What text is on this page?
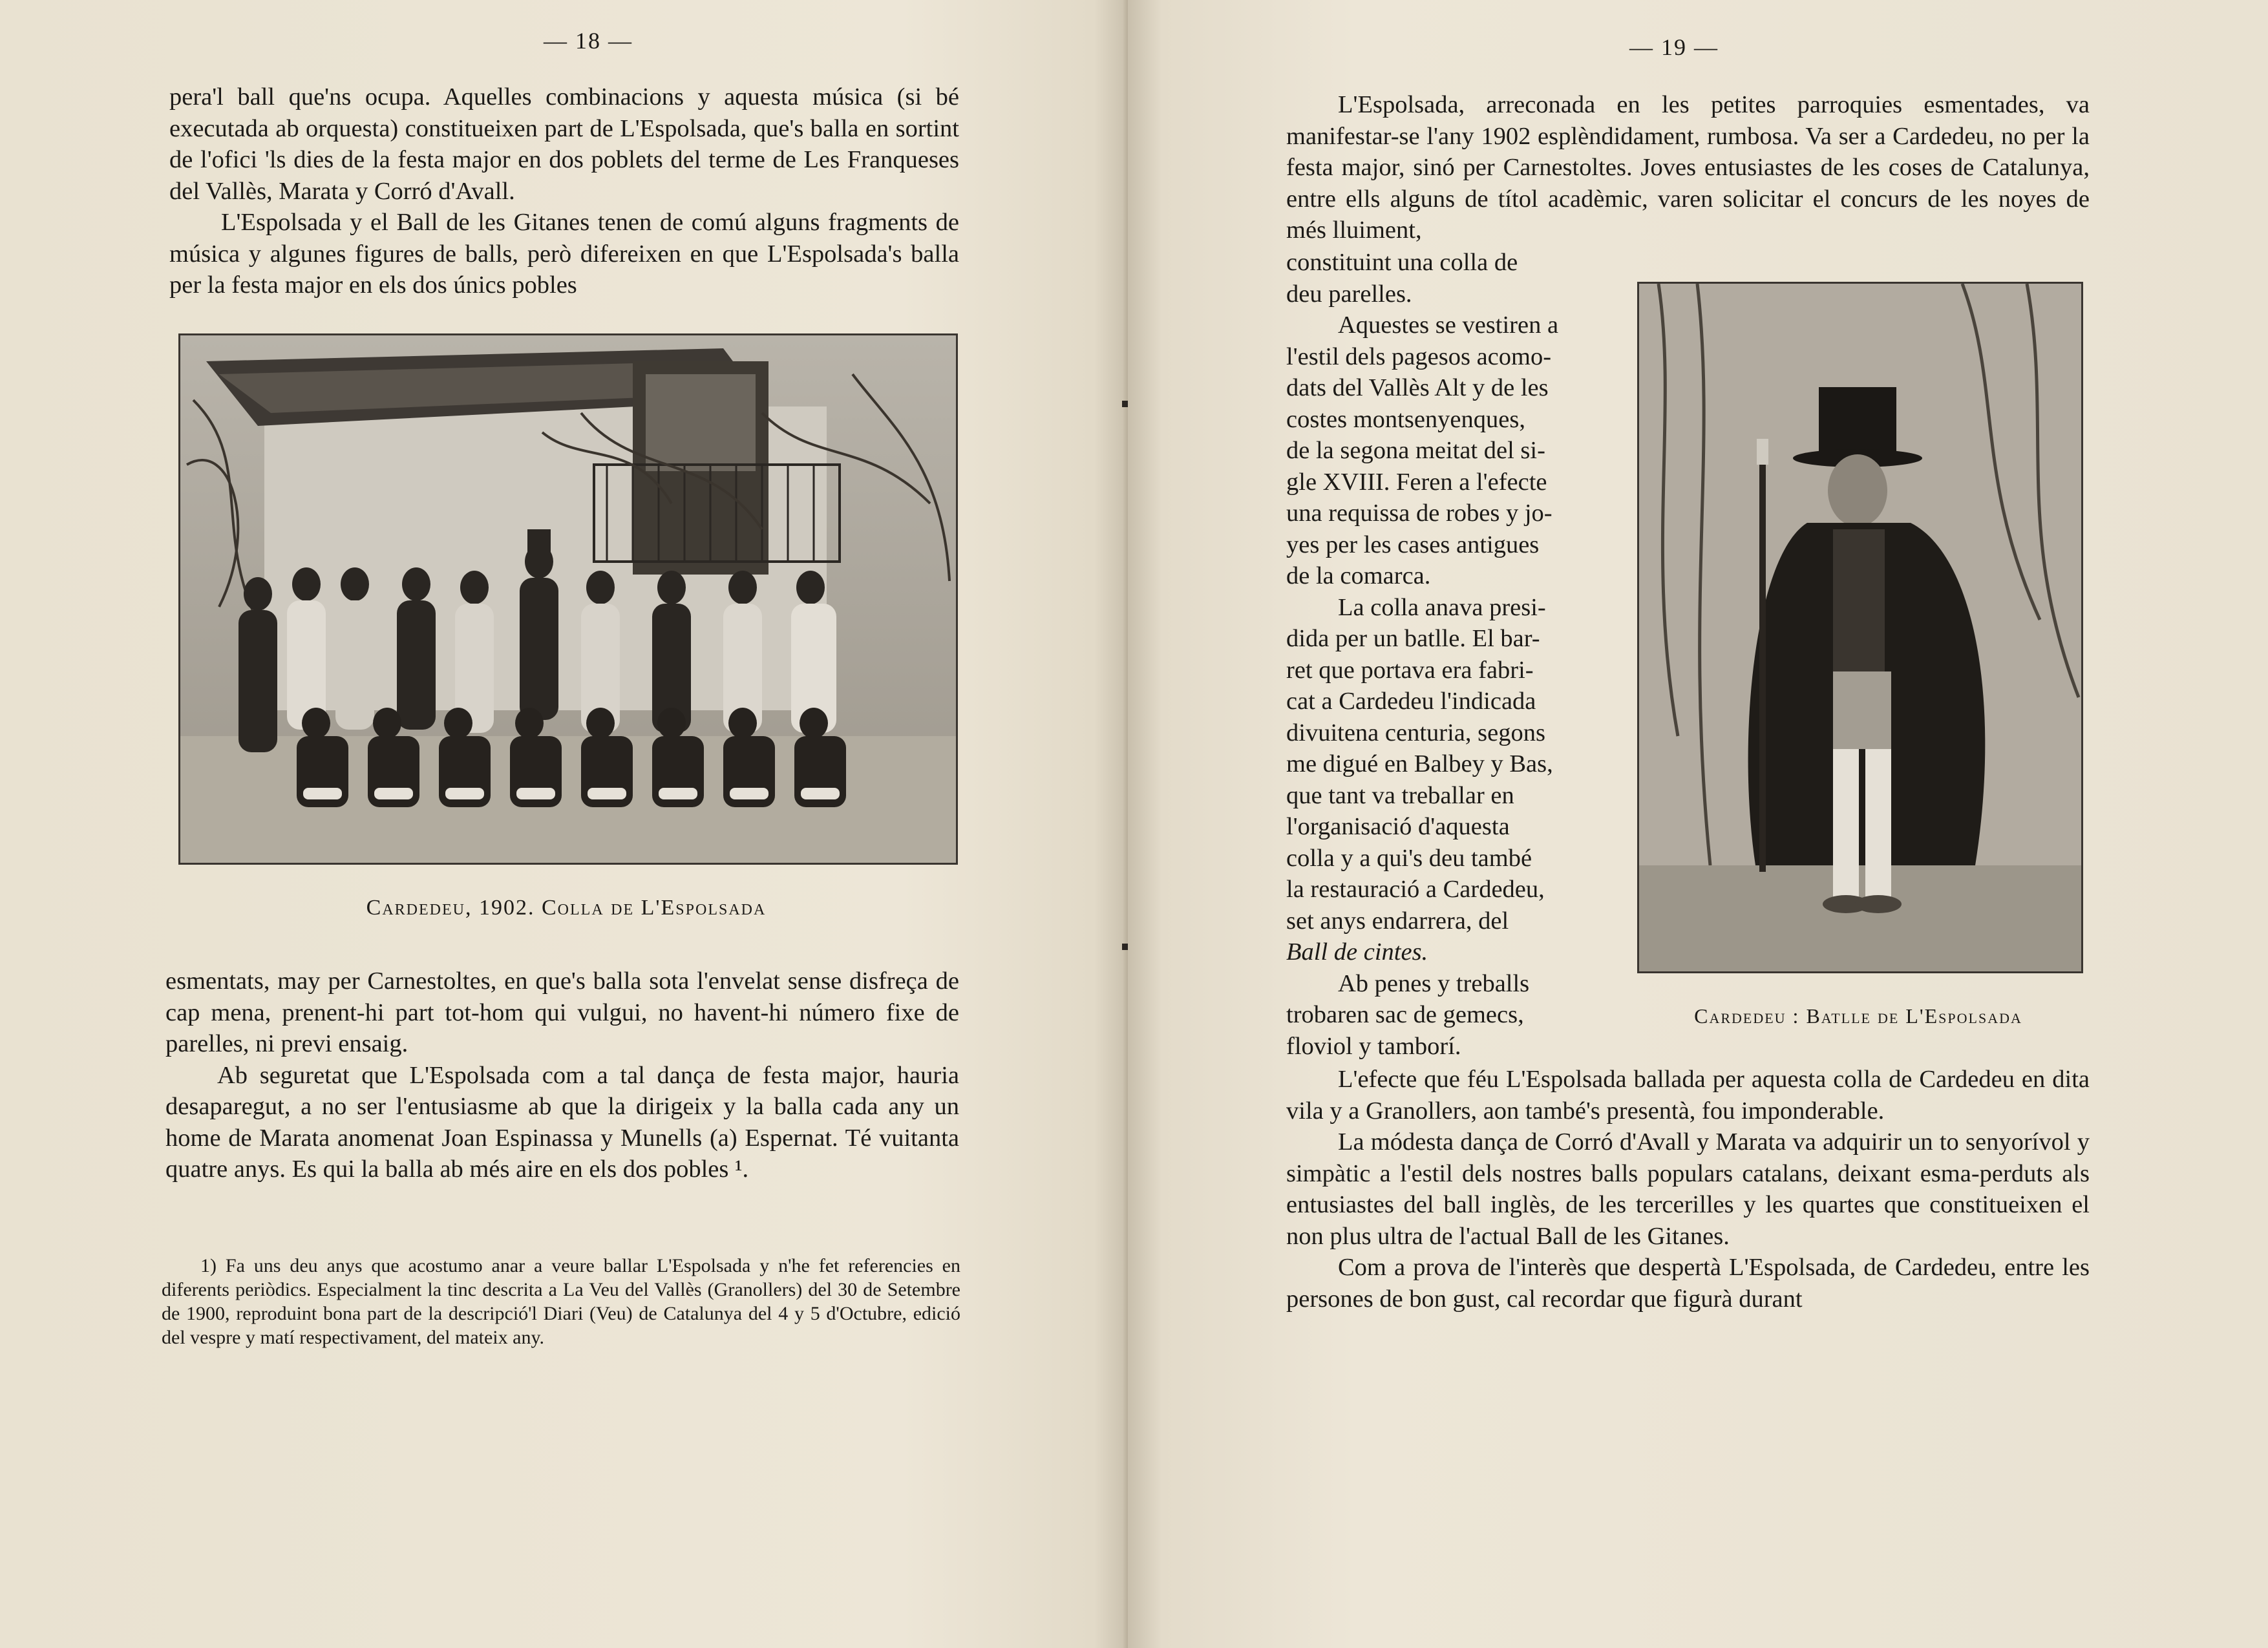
— 18 —

pera'l ball que'ns ocupa. Aquelles combinacions y aquesta música (si bé executada ab orquesta) constitueixen part de L'Espolsada, que's balla en sortint de l'ofici 'ls dies de la festa major en dos poblets del terme de Les Franqueses del Vallès, Marata y Corró d'Avall.

L'Espolsada y el Ball de les Gitanes tenen de comú alguns fragments de música y algunes figures de balls, però difereixen en que L'Espolsada's balla per la festa major en els dos únics pobles

Cardedeu, 1902. Colla de L'Espolsada

esmentats, may per Carnestoltes, en que's balla sota l'envelat sense disfreça de cap mena, prenent-hi part tot-hom qui vulgui, no havent-hi número fixe de parelles, ni previ ensaig.

Ab seguretat que L'Espolsada com a tal dança de festa major, hauria desaparegut, a no ser l'entusiasme ab que la dirigeix y la balla cada any un home de Marata anomenat Joan Espinassa y Munells (a) Espernat. Té vuitanta quatre anys. Es qui la balla ab més aire en els dos pobles ¹.

1) Fa uns deu anys que acostumo anar a veure ballar L'Espolsada y n'he fet referencies en diferents periòdics. Especialment la tinc descrita a La Veu del Vallès (Granollers) del 30 de Setembre de 1900, reproduint bona part de la descripció'l Diari (Veu) de Catalunya del 4 y 5 d'Octubre, edició del vespre y matí respectivament, del mateix any.

— 19 —

L'Espolsada, arreconada en les petites parroquies esmentades, va manifestar-se l'any 1902 esplèndidament, rumbosa. Va ser a Cardedeu, no per la festa major, sinó per Carnestoltes. Joves entusiastes de les coses de Catalunya, entre ells alguns de títol acadèmic, varen solicitar el concurs de les noyes de més lluiment,

constituint una colla de
deu parelles.
Aquestes se vestiren a
l'estil dels pagesos acomo-
dats del Vallès Alt y de les
costes montsenyenques,
de la segona meitat del si-
gle XVIII. Feren a l'efecte
una requissa de robes y jo-
yes per les cases antigues
de la comarca.
La colla anava presi-
dida per un batlle. El bar-
ret que portava era fabri-
cat a Cardedeu l'indicada
divuitena centuria, segons
me digué en Balbey y Bas,
que tant va treballar en
l'organisació d'aquesta
colla y a qui's deu també
la restauració a Cardedeu,
set anys endarrera, del
Ball de cintes.
Ab penes y treballs
trobaren sac de gemecs,
floviol y tamborí.
Cardedeu : Batlle de L'Espolsada

L'efecte que féu L'Espolsada ballada per aquesta colla de Cardedeu en dita vila y a Granollers, aon també's presentà, fou imponderable.

La módesta dança de Corró d'Avall y Marata va adquirir un to senyorívol y simpàtic a l'estil dels nostres balls populars catalans, deixant esma-perduts als entusiastes del ball inglès, de les tercerilles y les quartes que constitueixen el non plus ultra de l'actual Ball de les Gitanes.

Com a prova de l'interès que despertà L'Espolsada, de Cardedeu, entre les persones de bon gust, cal recordar que figurà durant
